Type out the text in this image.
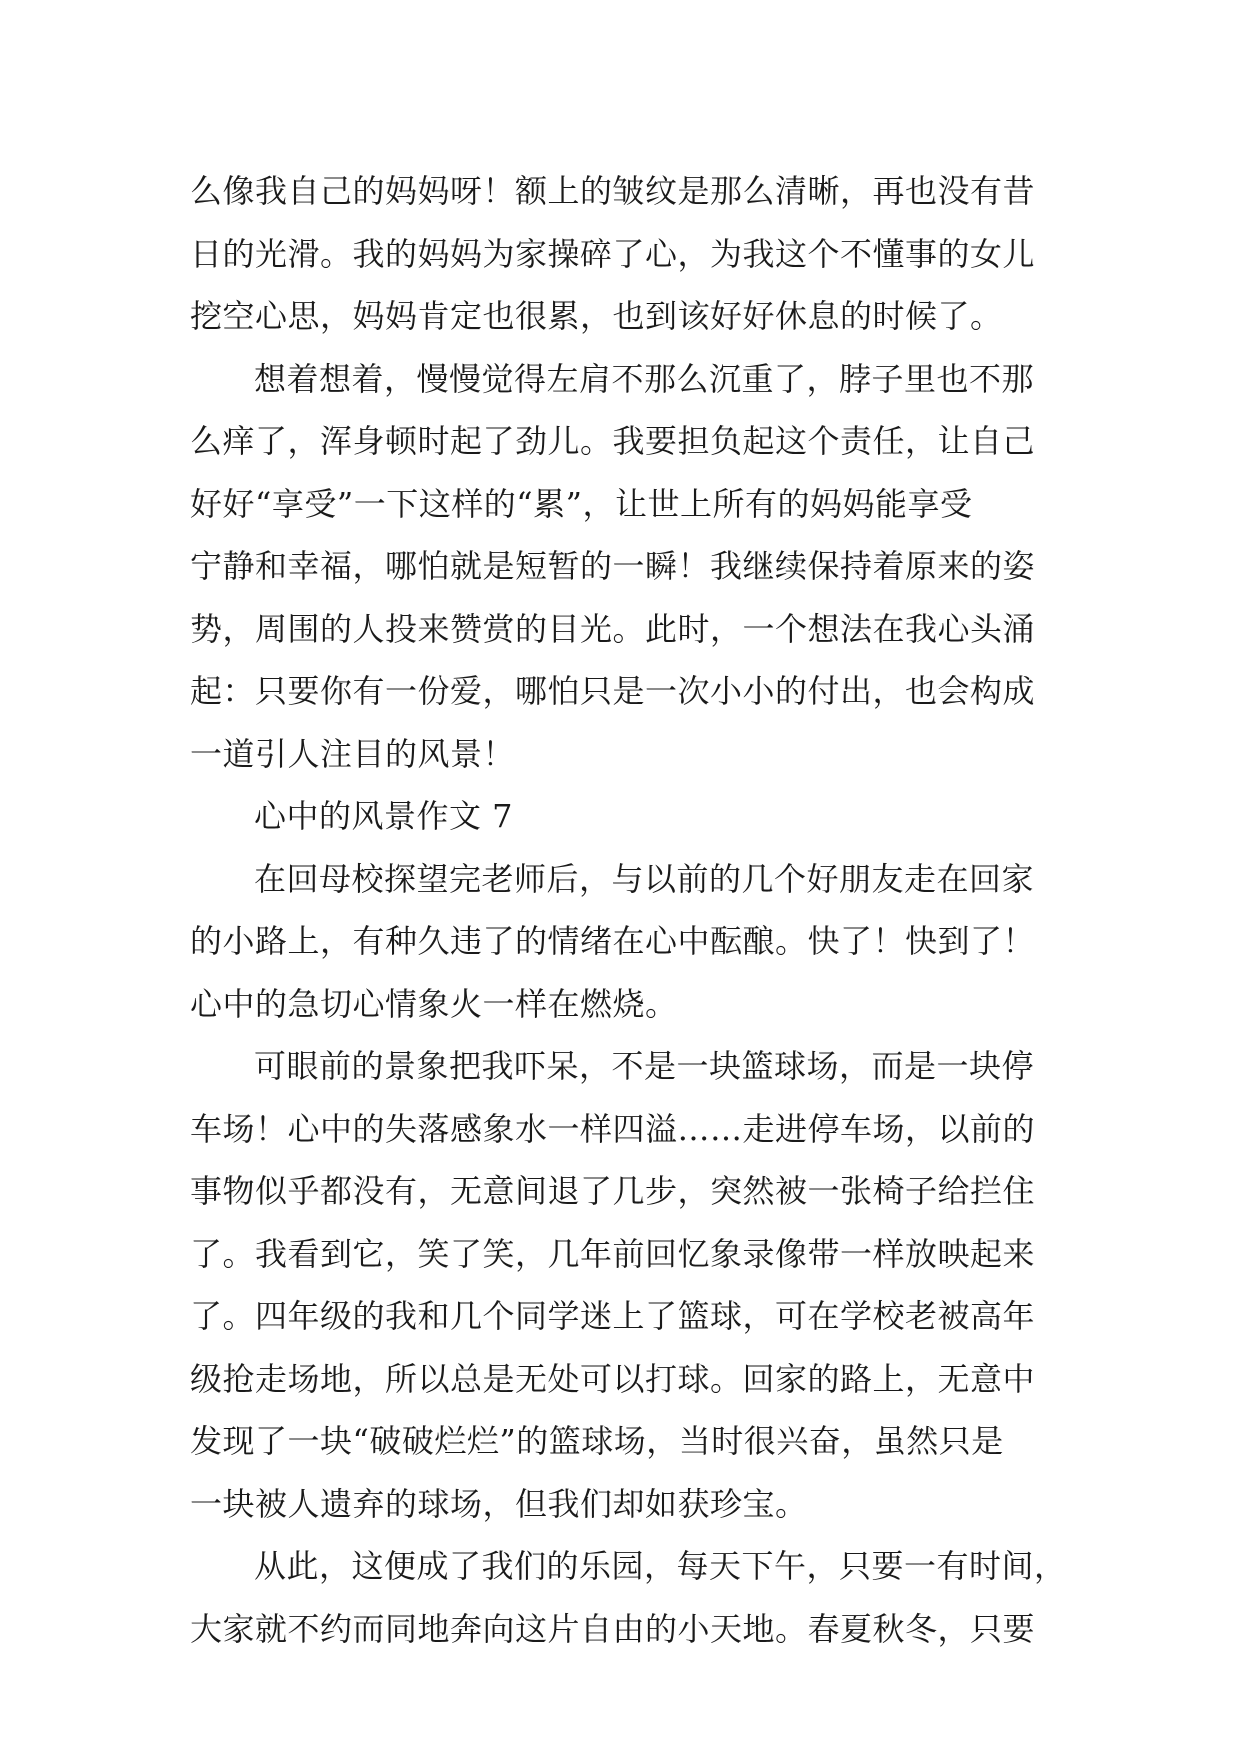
么像我自己的妈妈呀！额上的皱纹是那么清晰，再也没有昔
日的光滑。我的妈妈为家操碎了心，为我这个不懂事的女儿
挖空心思，妈妈肯定也很累，也到该好好休息的时候了。
想着想着，慢慢觉得左肩不那么沉重了，脖子里也不那
么痒了，浑身顿时起了劲儿。我要担负起这个责任，让自己
好好“享受”一下这样的“累”，让世上所有的妈妈能享受
宁静和幸福，哪怕就是短暂的一瞬！我继续保持着原来的姿
势，周围的人投来赞赏的目光。此时，一个想法在我心头涌
起：只要你有一份爱，哪怕只是一次小小的付出，也会构成
一道引人注目的风景！
心中的风景作文 7
在回母校探望完老师后，与以前的几个好朋友走在回家
的小路上，有种久违了的情绪在心中酝酿。快了！快到了！
心中的急切心情象火一样在燃烧。
可眼前的景象把我吓呆，不是一块篮球场，而是一块停
车场！心中的失落感象水一样四溢……走进停车场，以前的
事物似乎都没有，无意间退了几步，突然被一张椅子给拦住
了。我看到它，笑了笑，几年前回忆象录像带一样放映起来
了。四年级的我和几个同学迷上了篮球，可在学校老被高年
级抢走场地，所以总是无处可以打球。回家的路上，无意中
发现了一块“破破烂烂”的篮球场，当时很兴奋，虽然只是
一块被人遗弃的球场，但我们却如获珍宝。
从此，这便成了我们的乐园，每天下午，只要一有时间，
大家就不约而同地奔向这片自由的小天地。春夏秋冬，只要
